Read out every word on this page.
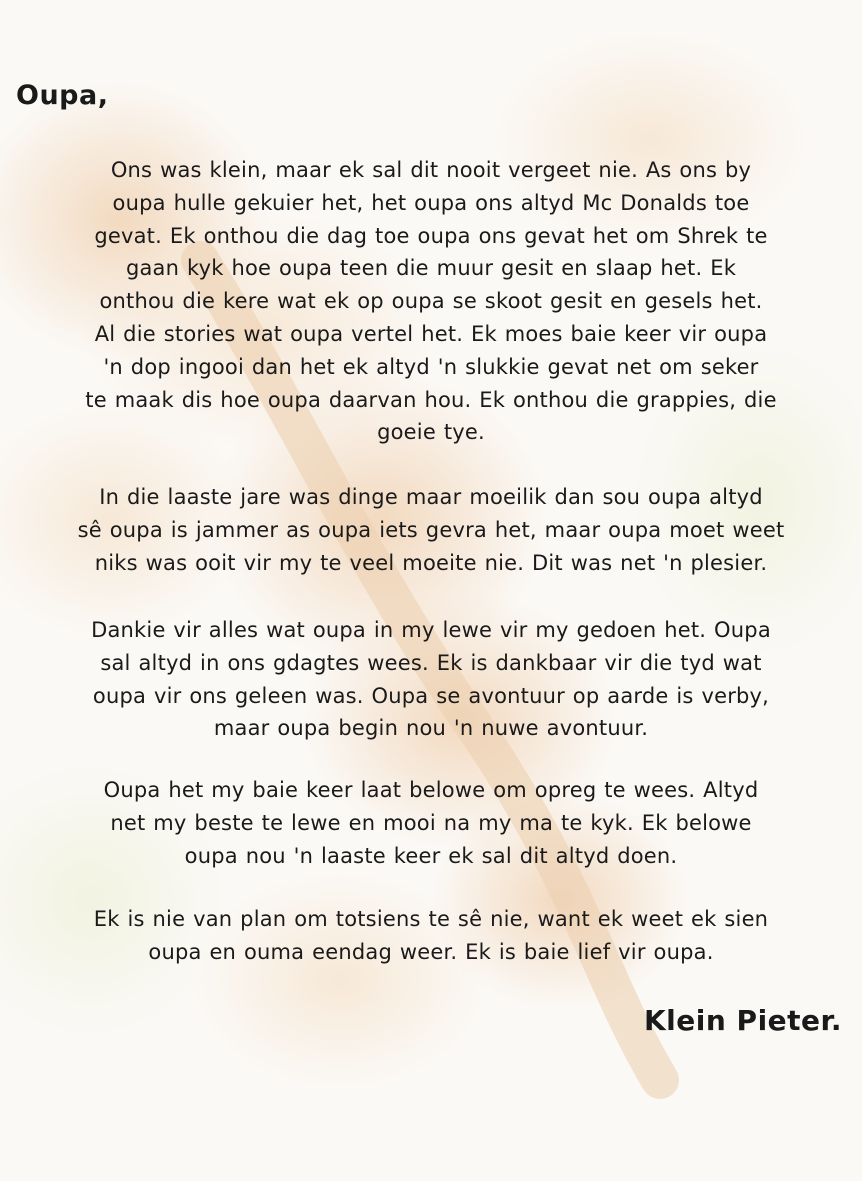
Oupa,
Ons was klein, maar ek sal dit nooit vergeet nie. As ons by
oupa hulle gekuier het, het oupa ons altyd Mc Donalds toe
gevat. Ek onthou die dag toe oupa ons gevat het om Shrek te
gaan kyk hoe oupa teen die muur gesit en slaap het. Ek
onthou die kere wat ek op oupa se skoot gesit en gesels het.
Al die stories wat oupa vertel het. Ek moes baie keer vir oupa
'n dop ingooi dan het ek altyd 'n slukkie gevat net om seker
te maak dis hoe oupa daarvan hou. Ek onthou die grappies, die
goeie tye.
In die laaste jare was dinge maar moeilik dan sou oupa altyd
sê oupa is jammer as oupa iets gevra het, maar oupa moet weet
niks was ooit vir my te veel moeite nie. Dit was net 'n plesier.
Dankie vir alles wat oupa in my lewe vir my gedoen het. Oupa
sal altyd in ons gdagtes wees. Ek is dankbaar vir die tyd wat
oupa vir ons geleen was. Oupa se avontuur op aarde is verby,
maar oupa begin nou 'n nuwe avontuur.
Oupa het my baie keer laat belowe om opreg te wees. Altyd
net my beste te lewe en mooi na my ma te kyk. Ek belowe
oupa nou 'n laaste keer ek sal dit altyd doen.
Ek is nie van plan om totsiens te sê nie, want ek weet ek sien
oupa en ouma eendag weer. Ek is baie lief vir oupa.
Klein Pieter.
